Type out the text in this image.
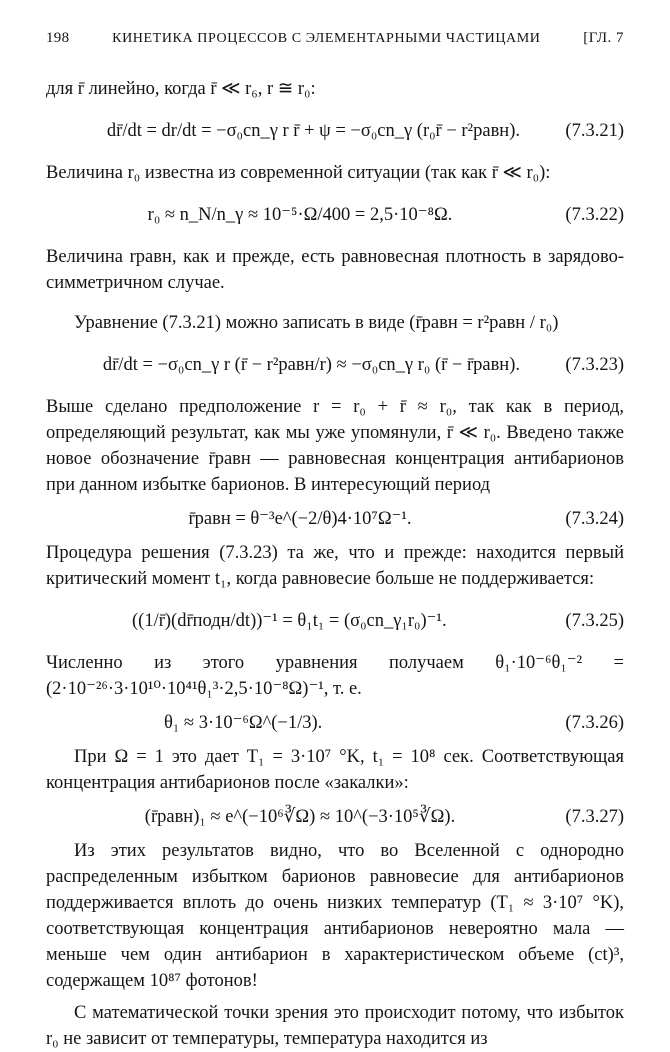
198	КИНЕТИКА ПРОЦЕССОВ С ЭЛЕМЕНТАРНЫМИ ЧАСТИЦАМИ	[ГЛ. 7
для r̄ линейно, когда r̄ ≪ r₆, r ≅ r₀:
dr̄/dt = dr/dt = −σ₀cn_γ r r̄ + ψ = −σ₀cn_γ (r₀r̄ − r²равн).	(7.3.21)
Величина r₀ известна из современной ситуации (так как r̄ ≪ r₀):
r₀ ≈ n_N/n_γ ≈ 10⁻⁵·Ω/400 = 2,5·10⁻⁸Ω.	(7.3.22)
Величина rравн, как и прежде, есть равновесная плотность в зарядово-симметричном случае.
Уравнение (7.3.21) можно записать в виде (r̄равн = r²равн / r₀)
dr̄/dt = −σ₀cn_γ r (r̄ − r²равн/r) ≈ −σ₀cn_γ r₀ (r̄ − r̄равн).	(7.3.23)
Выше сделано предположение r = r₀ + r̄ ≈ r₀, так как в период, определяющий результат, как мы уже упомянули, r̄ ≪ r₀. Введено также новое обозначение r̄равн — равновесная концентрация антибарионов при данном избытке барионов. В интересующий период
r̄равн = θ⁻³e^(−2/θ)4·10⁷Ω⁻¹.	(7.3.24)
Процедура решения (7.3.23) та же, что и прежде: находится первый критический момент t₁, когда равновесие больше не поддерживается:
((1/r̄)(dr̄подн/dt))⁻¹ = θ₁t₁ = (σ₀cn_γ₁r₀)⁻¹.	(7.3.25)
Численно из этого уравнения получаем θ₁·10⁻⁶θ₁⁻² = (2·10⁻²⁶·3·10¹⁰·10⁴¹θ₁³·2,5·10⁻⁸Ω)⁻¹, т. е.
θ₁ ≈ 3·10⁻⁶Ω^(−1/3).	(7.3.26)
При Ω = 1 это дает T₁ = 3·10⁷ °K, t₁ = 10⁸ сек. Соответствующая концентрация антибарионов после «закалки»:
(r̄равн)₁ ≈ e^(−10⁶∛Ω) ≈ 10^(−3·10⁵∛Ω).	(7.3.27)
Из этих результатов видно, что во Вселенной с однородно распределенным избытком барионов равновесие для антибарионов поддерживается вплоть до очень низких температур (T₁ ≈ 3·10⁷ °K), соответствующая концентрация антибарионов невероятно мала — меньше чем один антибарион в характеристическом объеме (ct)³, содержащем 10⁸⁷ фотонов!
С математической точки зрения это происходит потому, что избыток r₀ не зависит от температуры, температура находится из
